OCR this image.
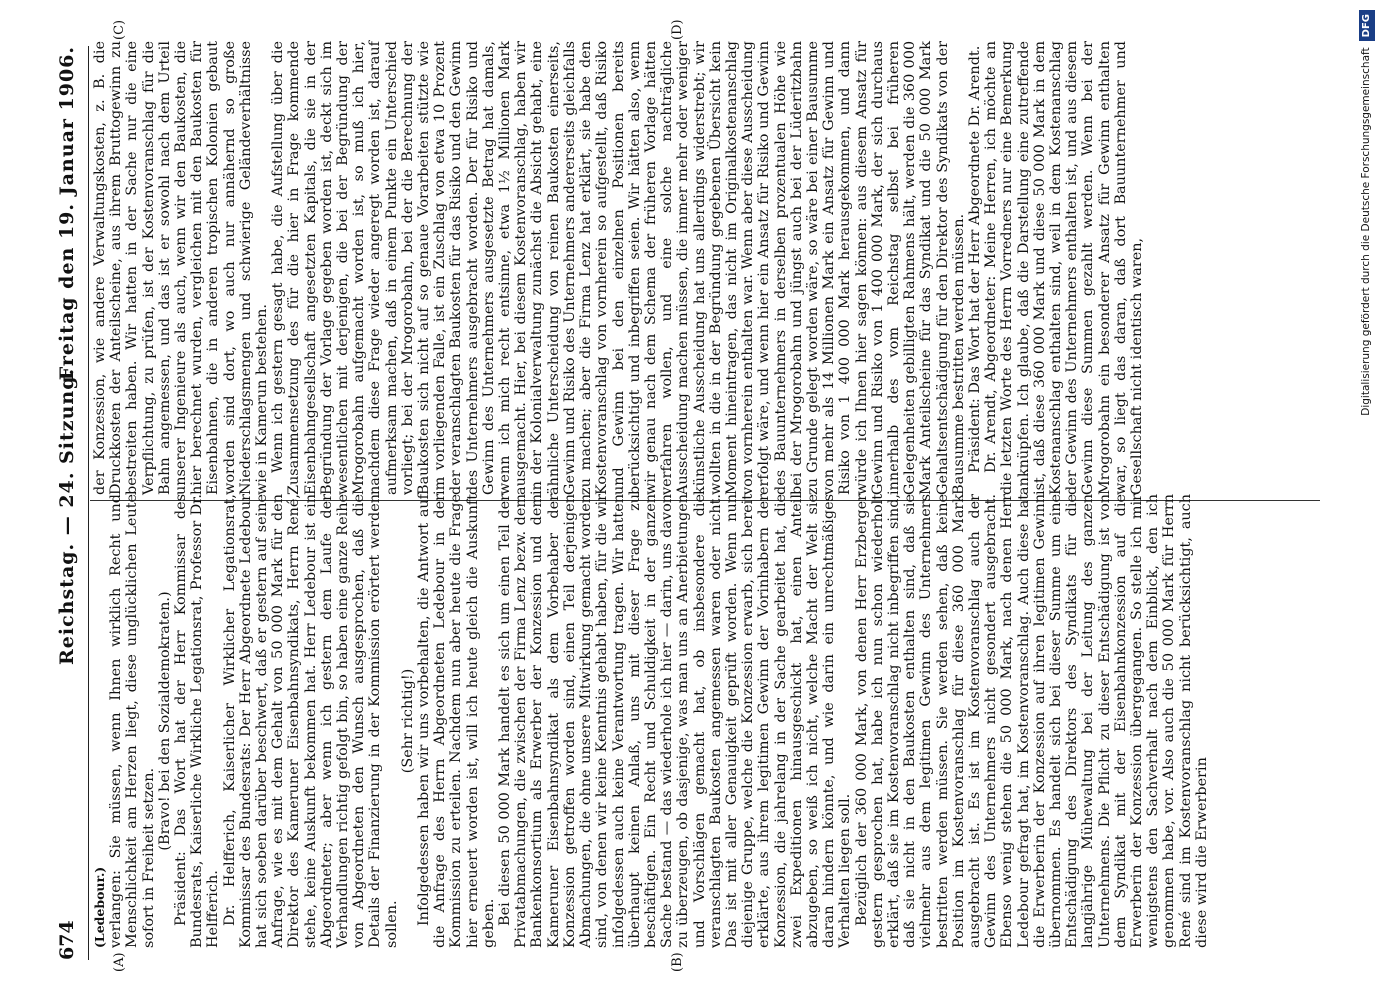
674
Reichstag. — 24. Sitzung.
Freitag den 19. Januar 1906.
(A)	(B)
(C)	(D)

(Ledebour.) verlangen: Sie müssen, wenn Ihnen wirklich Recht und Menschlichkeit am Herzen liegt, diese unglücklichen Leute sofort in Freiheit setzen.

(Bravo! bei den Sozialdemokraten.) Präsident: Das Wort hat der Herr Kommissar des Bundesrats, Kaiserliche Wirkliche Legationsrat, Professor Dr. Helfferich. Dr. Helfferich, Kaiserlicher Wirklicher Legationsrat, Kommissar des Bundesrats: Der Herr Abgeordnete Ledebour hat sich soeben darüber beschwert, daß er gestern auf seine Anfrage, wie es mit dem Gehalt von 50 000 Mark für den Direktor des Kameruner Eisenbahnsyndikats, Herrn René, stehe, keine Auskunft bekommen hat. Herr Ledebour ist ein Abgeordneter; aber wenn ich gestern dem Laufe der Verhandlungen richtig gefolgt bin, so haben eine ganze Reihe von Abgeordneten den Wunsch ausgesprochen, daß die Details der Finanzierung in der Kommission erörtert werden sollen.

(Sehr richtig!) Infolgedessen haben wir uns vorbehalten, die Antwort auf die Anfrage des Herrn Abgeordneten Ledebour in der Kommission zu erteilen. Nachdem nun aber heute die Frage hier erneuert worden ist, will ich heute gleich die Auskunft geben. Bei diesen 50 000 Mark handelt es sich um einen Teil der Privatabmachungen, die zwischen der Firma Lenz bezw. dem Bankenkonsortium als Erwerber der Konzession und dem Kameruner Eisenbahnsyndikat als dem Vorbehaber der Konzession getroffen worden sind, einen Teil derjenigen Abmachungen, die ohne unsere Mitwirkung gemacht worden sind, von denen wir keine Kenntnis gehabt haben, für die wir infolgedessen auch keine Verantwortung tragen. Wir hatten überhaupt keinen Anlaß, uns mit dieser Frage zu beschäftigen. Ein Recht und Schuldigkeit in der ganzen Sache bestand — das wiederhole ich hier — darin, uns davon zu überzeugen, ob dasjenige, was man uns an Anerbietungen und Vorschlägen gemacht hat, ob insbesondere die veranschlagten Baukosten angemessen waren oder nicht. Das ist mit aller Genauigkeit geprüft worden. Wenn nun diejenige Gruppe, welche die Konzession erwarb, sich bereit erklärte, aus ihrem legitimen Gewinn der Vorinhabern der Konzession, die jahrelang in der Sache gearbeitet hat, die zwei Expeditionen hinausgeschickt hat, einen Anteil abzugeben, so weiß ich nicht, welche Macht der Welt sie daran hindern könnte, und wie darin ein unrechtmäßiges Verhalten liegen soll. Bezüglich der 360 000 Mark, von denen Herr Erzberger gestern gesprochen hat, habe ich nun schon wiederholt erklärt, daß sie im Kostenvoranschlag nicht inbegriffen sind, daß sie nicht in den Baukosten enthalten sind, daß sie vielmehr aus dem legitimen Gewinn des Unternehmers bestritten werden müssen. Sie werden sehen, daß keine Position im Kostenvoranschlag für diese 360 000 Mark ausgebracht ist. Es ist im Kostenvoranschlag auch der Gewinn des Unternehmers nicht gesondert ausgebracht. Ebenso wenig stehen die 50 000 Mark, nach denen Herr Ledebour gefragt hat, im Kostenvoranschlag. Auch diese hat die Erwerberin der Konzession auf ihren legitimen Gewinn übernommen. Es handelt sich bei dieser Summe um eine Entschädigung des Direktors des Syndikats für die langjährige Mühewaltung bei der Leitung des ganzen Unternehmens. Die Pflicht zu dieser Entschädigung ist von dem Syndikat mit der Eisenbahnkonzession auf die Erwerberin der Konzession übergegangen. So stelle ich mir wenigstens den Sachverhalt nach dem Einblick, den ich genommen habe, vor. Also auch die 50 000 Mark für Herrn René sind im Kostenvoranschlag nicht berücksichtigt, auch diese wird die Erwerberin

der Konzession, wie andere Verwaltungskosten, z. B. die Druckkosten der Anteilscheine, aus ihrem Bruttogewinn zu bestreiten haben. Wir hatten in der Sache nur die eine Verpflichtung, zu prüfen, ist der Kostenvoranschlag für die Bahn angemessen, und das ist er sowohl nach dem Urteil unserer Ingenieure als auch, wenn wir den Baukosten, die hier berechnet wurden, vergleichen mit den Baukosten für Eisenbahnen, die in anderen tropischen Kolonien gebaut worden sind dort, wo auch nur annähernd so große Niederschlagsmengen und schwierige Geländeverhältnisse wie in Kamerun bestehen. Wenn ich gestern gesagt habe, die Aufstellung über die Zusammensetzung des für die hier in Frage kommende Eisenbahngesellschaft angesetzten Kapitals, die sie in der Begründung der Vorlage gegeben worden ist, deckt sich im wesentlichen mit derjenigen, die bei der Begründung der Mrogorobahn aufgemacht worden ist, so muß ich hier, nachdem diese Frage wieder angeregt worden ist, darauf aufmerksam machen, daß in einem Punkte ein Unterschied vorliegt; bei der Mrogorobahn, bei der die Berechnung der Baukosten sich nicht auf so genaue Vorarbeiten stützte wie im vorliegenden Falle, ist ein Zuschlag von etwa 10 Prozent der veranschlagten Baukosten für das Risiko und den Gewinn des Unternehmers ausgebracht worden. Der für Risiko und Gewinn des Unternehmers ausgesetzte Betrag hat damals, wenn ich mich recht entsinne, etwa 1½ Millionen Mark ausgemacht. Hier, bei diesem Kostenvoranschlag, haben wir in der Kolonialverwaltung zunächst die Absicht gehabt, eine ähnliche Unterscheidung von reinen Baukosten einerseits, Gewinn und Risiko des Unternehmers andererseits gleichfalls zu machen; aber die Firma Lenz hat erklärt, sie habe den Kostenvoranschlag von vornherein so aufgestellt, daß Risiko und Gewinn bei den einzelnen Positionen bereits berücksichtigt und inbegriffen seien. Wir hätten also, wenn wir genau nach dem Schema der früheren Vorlage hätten verfahren wollen, und eine solche nachträgliche Ausscheidung machen müssen, die immer mehr oder weniger künstliche Ausscheidung hat uns allerdings widerstrebt; wir wollten in die in der Begründung gegebenen Übersicht kein Moment hineintragen, das nicht im Originalkostenanschlag von vornherein enthalten war. Wenn aber diese Ausscheidung erfolgt wäre, und wenn hier ein Ansatz für Risiko und Gewinn des Bauunternehmers in derselben prozentualen Höhe wie bei der Mrogorobahn und jüngst auch bei der Lüderitzbahn zu Grunde gelegt worden wäre, so wäre bei einer Bausumme von mehr als 14 Millionen Mark ein Ansatz für Gewinn und Risiko von 1 400 000 Mark herausgekommen, und dann würde ich Ihnen hier sagen können: aus diesem Ansatz für Gewinn und Risiko von 1 400 000 Mark, der sich durchaus innerhalb des vom Reichstag selbst bei früheren Gelegenheiten gebilligten Rahmens hält, werden die 360 000 Mark Anteilscheine für das Syndikat und die 50 000 Mark Gehaltsentschädigung für den Direktor des Syndikats von der Bausumme bestritten werden müssen. Präsident: Das Wort hat der Herr Abgeordnete Dr. Arendt. Dr. Arendt, Abgeordneter: Meine Herren, ich möchte an die letzten Worte des Herrn Vorredners nur eine Bemerkung anknüpfen. Ich glaube, daß die Darstellung eine zutreffende ist, daß diese 360 000 Mark und diese 50 000 Mark in dem Kostenanschlag enthalten sind, weil in dem Kostenanschlag der Gewinn des Unternehmers enthalten ist, und aus diesem Gewinn diese Summen gezahlt werden. Wenn bei der Mrogorobahn ein besonderer Ansatz für Gewinn enthalten war, so liegt das daran, daß dort Bauunternehmer und Gesellschaft nicht identisch waren,	Digitalisierung gefördert durch die Deutsche ForschungsgemeinschaftDFG
